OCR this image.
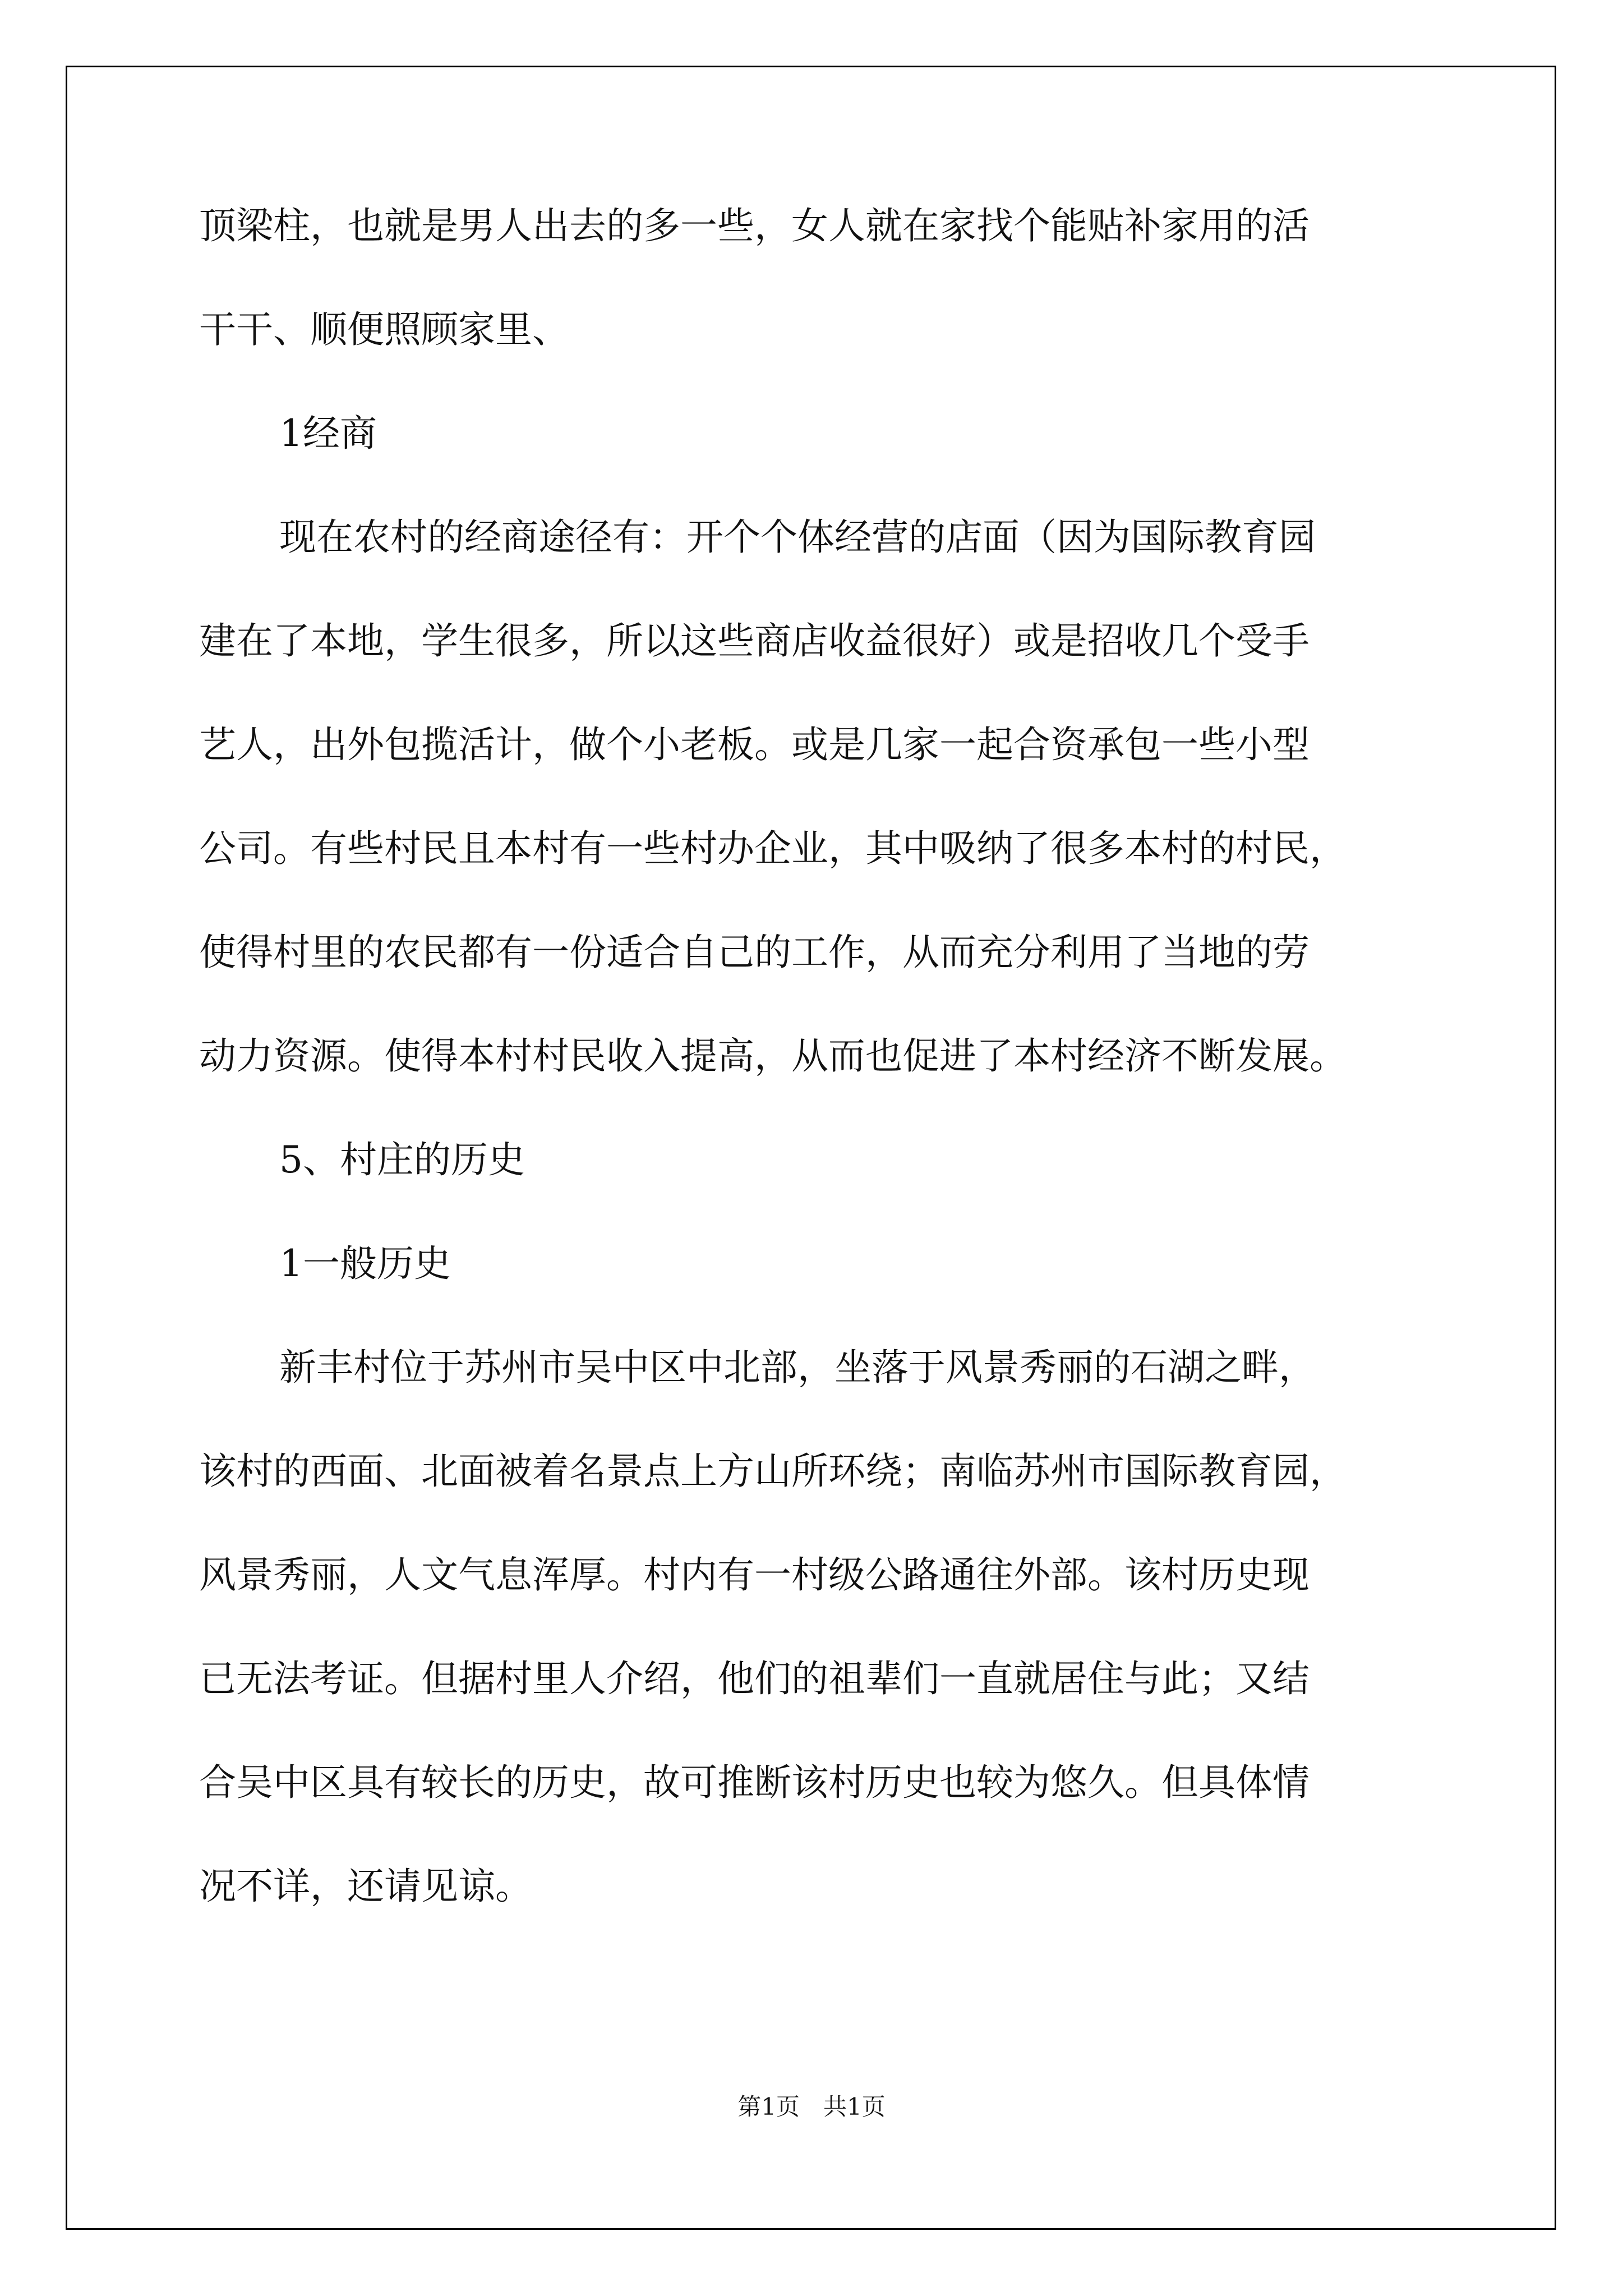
顶梁柱，也就是男人出去的多一些，女人就在家找个能贴补家用的活
干干、顺便照顾家里、
1经商
现在农村的经商途径有：开个个体经营的店面（因为国际教育园
建在了本地，学生很多，所以这些商店收益很好）或是招收几个受手
艺人，出外包揽活计，做个小老板。或是几家一起合资承包一些小型
公司。有些村民且本村有一些村办企业，其中吸纳了很多本村的村民，
使得村里的农民都有一份适合自己的工作，从而充分利用了当地的劳
动力资源。使得本村村民收入提高，从而也促进了本村经济不断发展。
5、村庄的历史
1一般历史
新丰村位于苏州市吴中区中北部，坐落于风景秀丽的石湖之畔，
该村的西面、北面被着名景点上方山所环绕；南临苏州市国际教育园，
风景秀丽，人文气息浑厚。村内有一村级公路通往外部。该村历史现
已无法考证。但据村里人介绍，他们的祖辈们一直就居住与此；又结
合吴中区具有较长的历史，故可推断该村历史也较为悠久。但具体情
况不详，还请见谅。
第1页　共1页
